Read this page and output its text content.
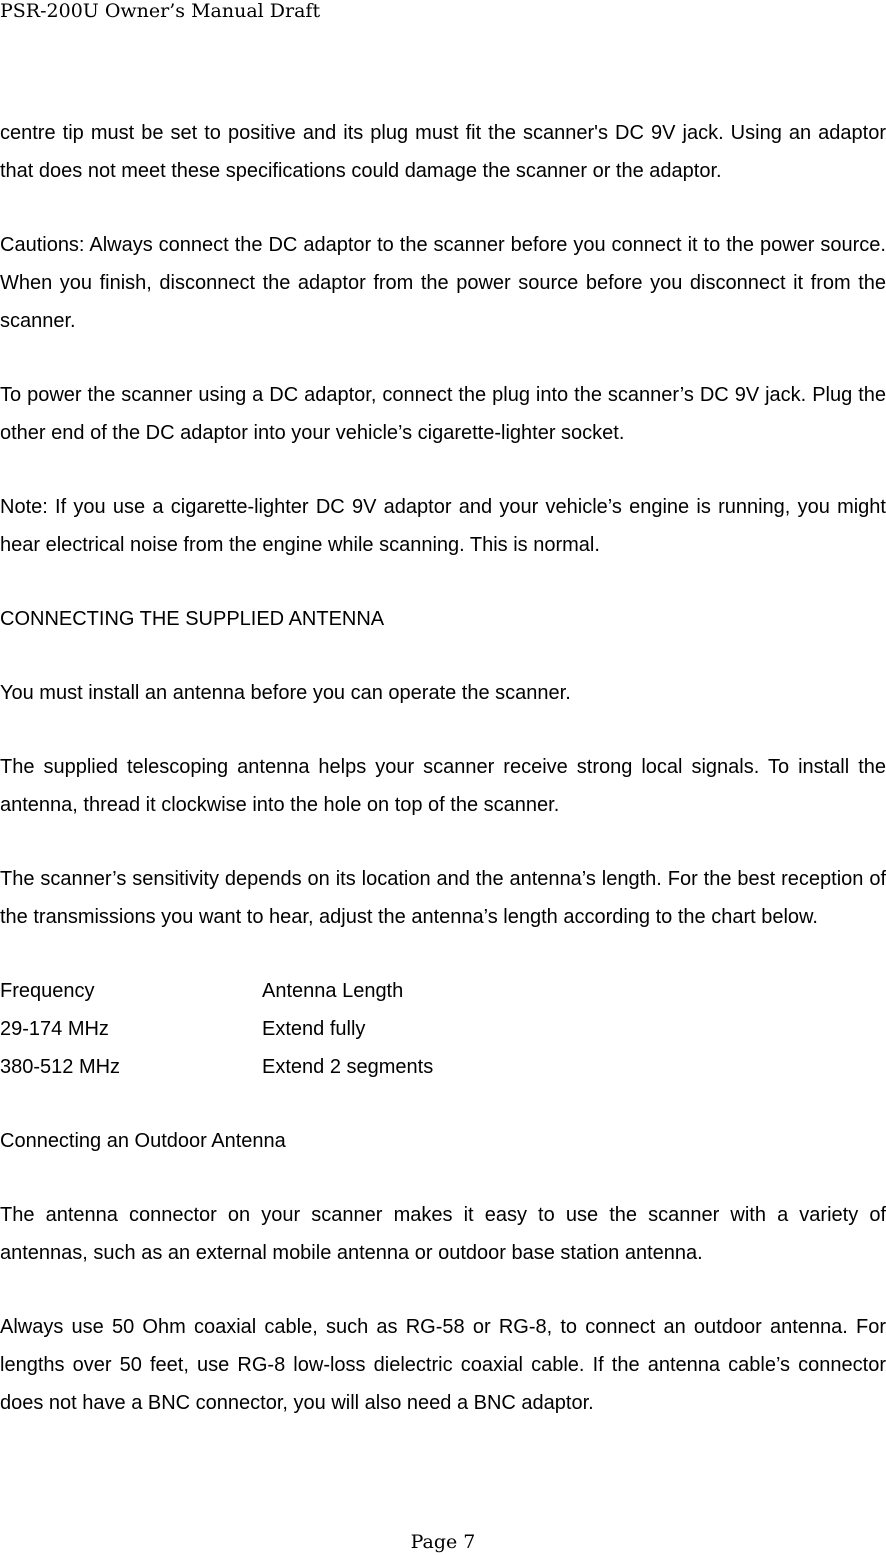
PSR-200U Owner’s Manual Draft

centre tip must be set to positive and its plug must fit the scanner's DC 9V jack. Using an adaptor that does not meet these specifications could damage the scanner or the adaptor.

Cautions: Always connect the DC adaptor to the scanner before you connect it to the power source. When you finish, disconnect the adaptor from the power source before you disconnect it from the scanner.

To power the scanner using a DC adaptor, connect the plug into the scanner’s DC 9V jack. Plug the other end of the DC adaptor into your vehicle’s cigarette-lighter socket.

Note: If you use a cigarette-lighter DC 9V adaptor and your vehicle’s engine is running, you might hear electrical noise from the engine while scanning. This is normal.

CONNECTING THE SUPPLIED ANTENNA

You must install an antenna before you can operate the scanner.

The supplied telescoping antenna helps your scanner receive strong local signals. To install the antenna, thread it clockwise into the hole on top of the scanner.

The scanner’s sensitivity depends on its location and the antenna’s length. For the best reception of the transmissions you want to hear, adjust the antenna’s length according to the chart below.

Frequency	Antenna Length
29-174 MHz	Extend fully
380-512 MHz	Extend 2 segments
Connecting an Outdoor Antenna

The antenna connector on your scanner makes it easy to use the scanner with a variety of antennas, such as an external mobile antenna or outdoor base station antenna.

Always use 50 Ohm coaxial cable, such as RG-58 or RG-8, to connect an outdoor antenna. For lengths over 50 feet, use RG-8 low-loss dielectric coaxial cable. If the antenna cable’s connector does not have a BNC connector, you will also need a BNC adaptor.

Page 7
